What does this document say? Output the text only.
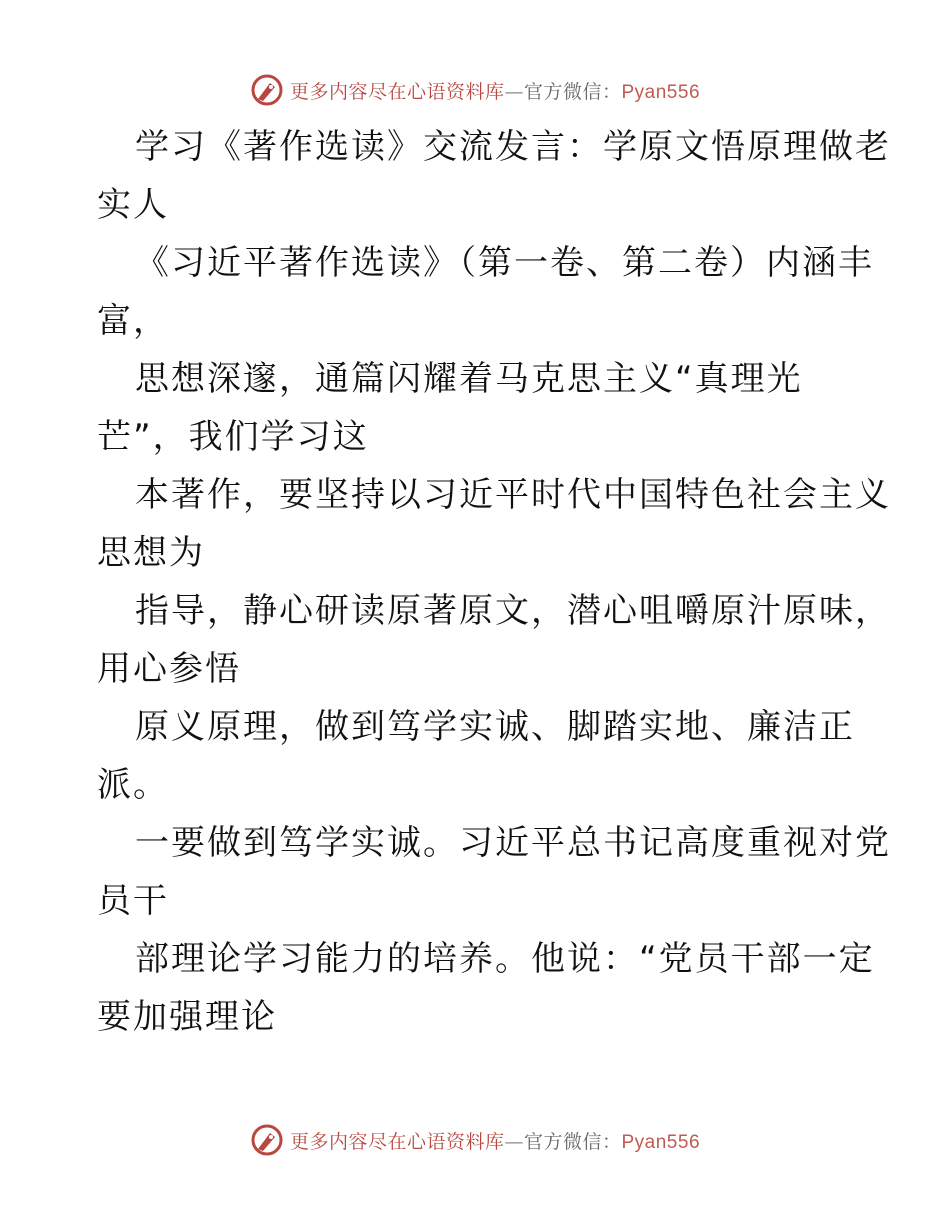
更多内容尽在心语资料库—官方微信：Pyan556
学习《著作选读》交流发言：学原文悟原理做老
实人
《习近平著作选读》（第一卷、第二卷）内涵丰
富，
思想深邃，通篇闪耀着马克思主义“真理光
芒”，我们学习这
本著作，要坚持以习近平时代中国特色社会主义
思想为
指导，静心研读原著原文，潜心咀嚼原汁原味，
用心参悟
原义原理，做到笃学实诚、脚踏实地、廉洁正
派。
一要做到笃学实诚。习近平总书记高度重视对党
员干
部理论学习能力的培养。他说：“党员干部一定
要加强理论
更多内容尽在心语资料库—官方微信：Pyan556
